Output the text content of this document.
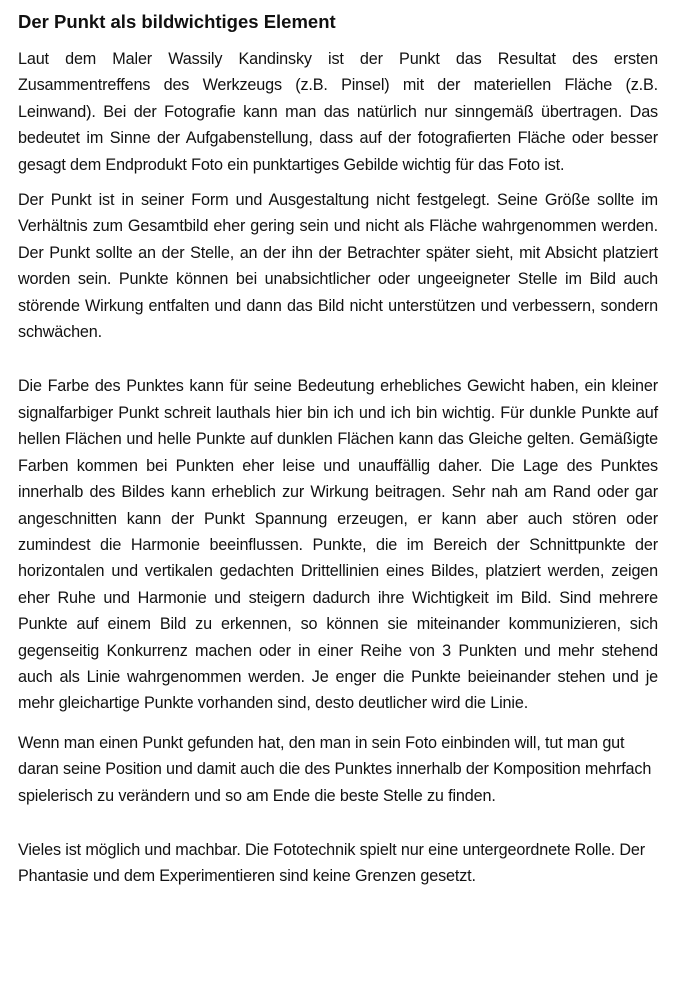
Der Punkt als bildwichtiges Element

Laut dem Maler Wassily Kandinsky ist der Punkt das Resultat des ersten Zusammentreffens des Werkzeugs (z.B. Pinsel) mit der materiellen Fläche (z.B. Leinwand). Bei der Fotografie kann man das natürlich nur sinngemäß übertragen. Das bedeutet im Sinne der Aufgabenstellung, dass auf der fotografierten Fläche oder besser gesagt dem Endprodukt Foto ein punktartiges Gebilde wichtig für das Foto ist.

Der Punkt ist in seiner Form und Ausgestaltung nicht festgelegt. Seine Größe sollte im Verhältnis zum Gesamtbild eher gering sein und nicht als Fläche wahrgenommen werden. Der Punkt sollte an der Stelle, an der ihn der Betrachter später sieht, mit Absicht platziert worden sein. Punkte können bei unabsichtlicher oder ungeeigneter Stelle im Bild auch störende Wirkung entfalten und dann das Bild nicht unterstützen und verbessern, sondern schwächen.

Die Farbe des Punktes kann für seine Bedeutung erhebliches Gewicht haben, ein kleiner signalfarbiger Punkt schreit lauthals hier bin ich und ich bin wichtig. Für dunkle Punkte auf hellen Flächen und helle Punkte auf dunklen Flächen kann das Gleiche gelten. Gemäßigte Farben kommen bei Punkten eher leise und unauffällig daher. Die Lage des Punktes innerhalb des Bildes kann erheblich zur Wirkung beitragen. Sehr nah am Rand oder gar angeschnitten kann der Punkt Spannung erzeugen, er kann aber auch stören oder zumindest die Harmonie beeinflussen. Punkte, die im Bereich der Schnittpunkte der horizontalen und vertikalen gedachten Drittellinien eines Bildes, platziert werden, zeigen eher Ruhe und Harmonie und steigern dadurch ihre Wichtigkeit im Bild. Sind mehrere Punkte auf einem Bild zu erkennen, so können sie miteinander kommunizieren, sich gegenseitig Konkurrenz machen oder in einer Reihe von 3 Punkten und mehr stehend auch als Linie wahrgenommen werden. Je enger die Punkte beieinander stehen und je mehr gleichartige Punkte vorhanden sind, desto deutlicher wird die Linie.

Wenn man einen Punkt gefunden hat, den man in sein Foto einbinden will, tut man gut daran seine Position und damit auch die des Punktes innerhalb der Komposition mehrfach spielerisch zu verändern und so am Ende die beste Stelle zu finden.

Vieles ist möglich und machbar. Die Fototechnik spielt nur eine untergeordnete Rolle. Der Phantasie und dem Experimentieren sind keine Grenzen gesetzt.
